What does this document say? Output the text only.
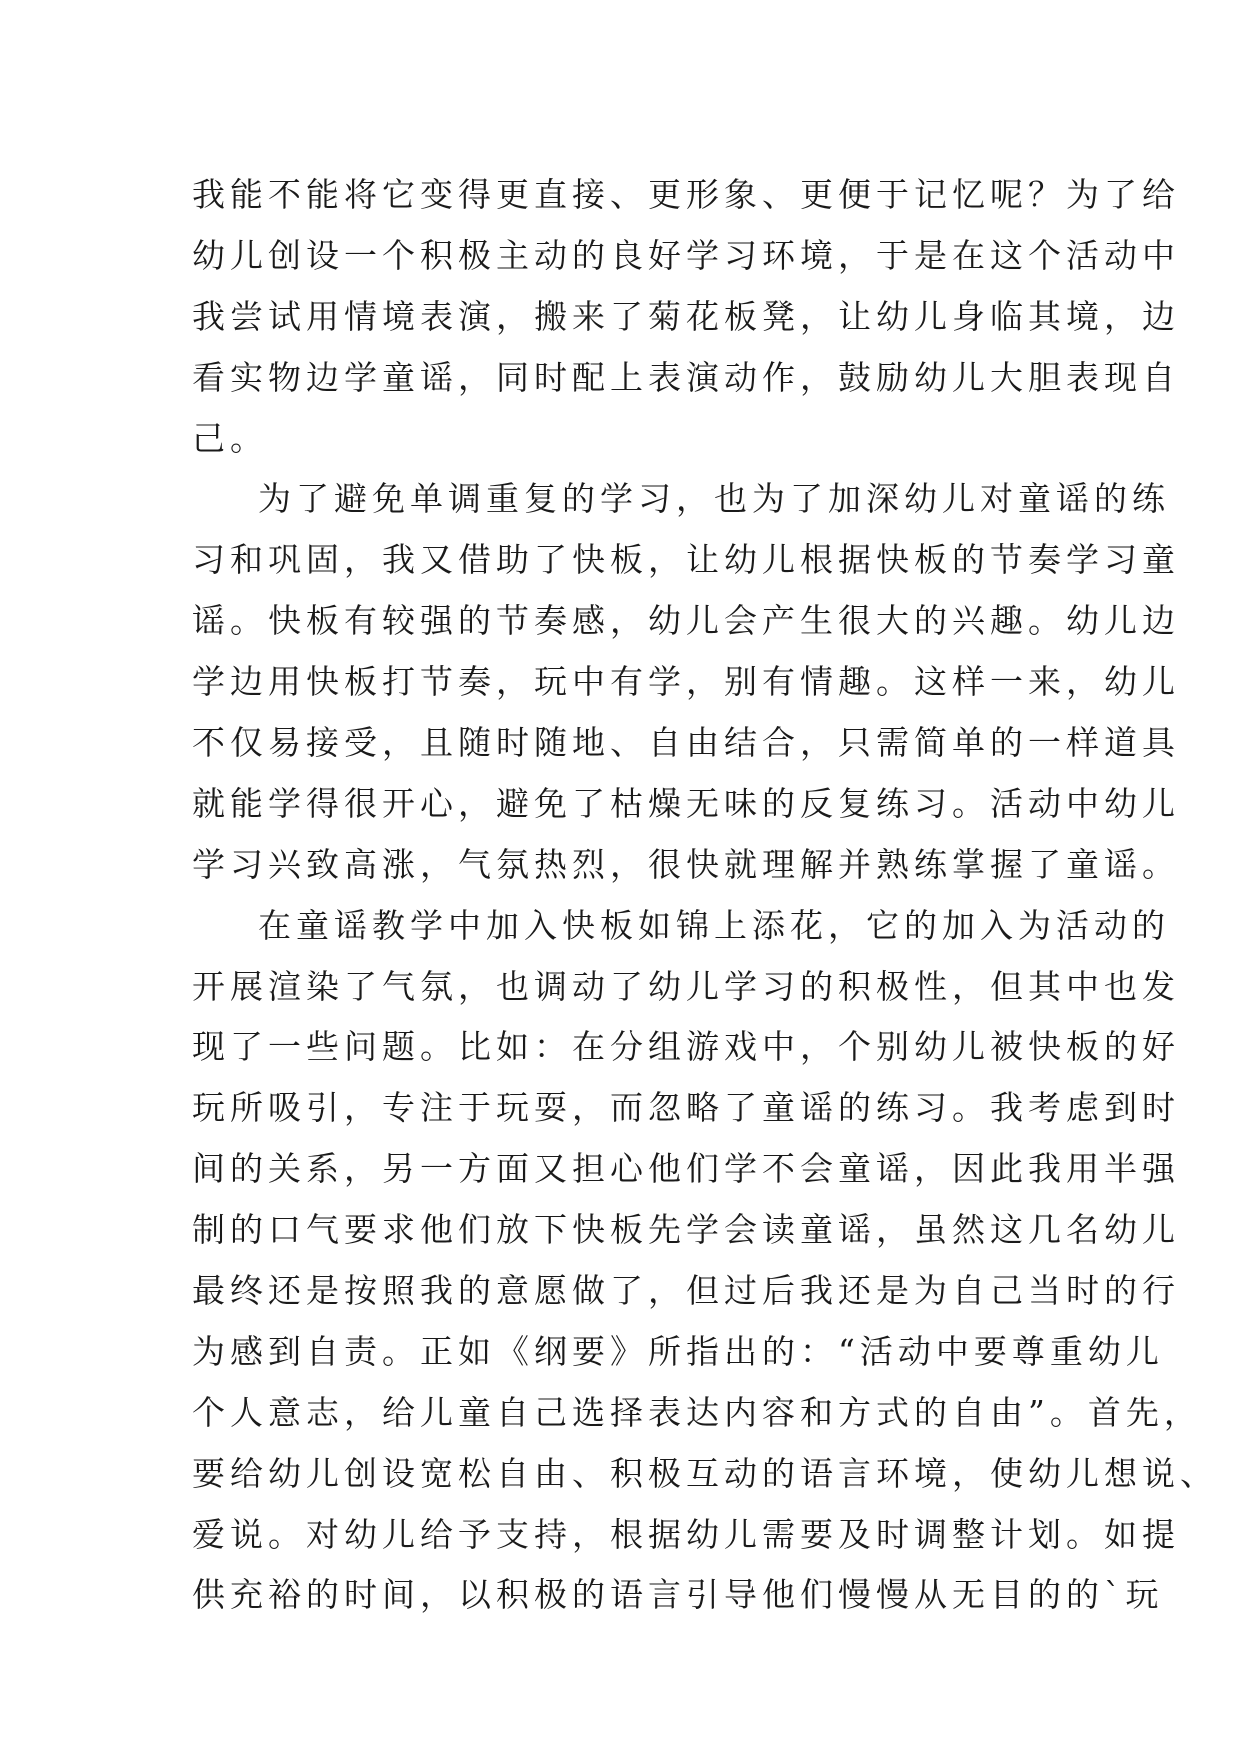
我能不能将它变得更直接、更形象、更便于记忆呢？为了给
幼儿创设一个积极主动的良好学习环境，于是在这个活动中
我尝试用情境表演，搬来了菊花板凳，让幼儿身临其境，边
看实物边学童谣，同时配上表演动作，鼓励幼儿大胆表现自
己。
为了避免单调重复的学习，也为了加深幼儿对童谣的练
习和巩固，我又借助了快板，让幼儿根据快板的节奏学习童
谣。快板有较强的节奏感，幼儿会产生很大的兴趣。幼儿边
学边用快板打节奏，玩中有学，别有情趣。这样一来，幼儿
不仅易接受，且随时随地、自由结合，只需简单的一样道具
就能学得很开心，避免了枯燥无味的反复练习。活动中幼儿
学习兴致高涨，气氛热烈，很快就理解并熟练掌握了童谣。
在童谣教学中加入快板如锦上添花，它的加入为活动的
开展渲染了气氛，也调动了幼儿学习的积极性，但其中也发
现了一些问题。比如：在分组游戏中，个别幼儿被快板的好
玩所吸引，专注于玩耍，而忽略了童谣的练习。我考虑到时
间的关系，另一方面又担心他们学不会童谣，因此我用半强
制的口气要求他们放下快板先学会读童谣，虽然这几名幼儿
最终还是按照我的意愿做了，但过后我还是为自己当时的行
为感到自责。正如《纲要》所指出的：“活动中要尊重幼儿
个人意志，给儿童自己选择表达内容和方式的自由”。首先，
要给幼儿创设宽松自由、积极互动的语言环境，使幼儿想说、
爱说。对幼儿给予支持，根据幼儿需要及时调整计划。如提
供充裕的时间，以积极的语言引导他们慢慢从无目的的`玩
